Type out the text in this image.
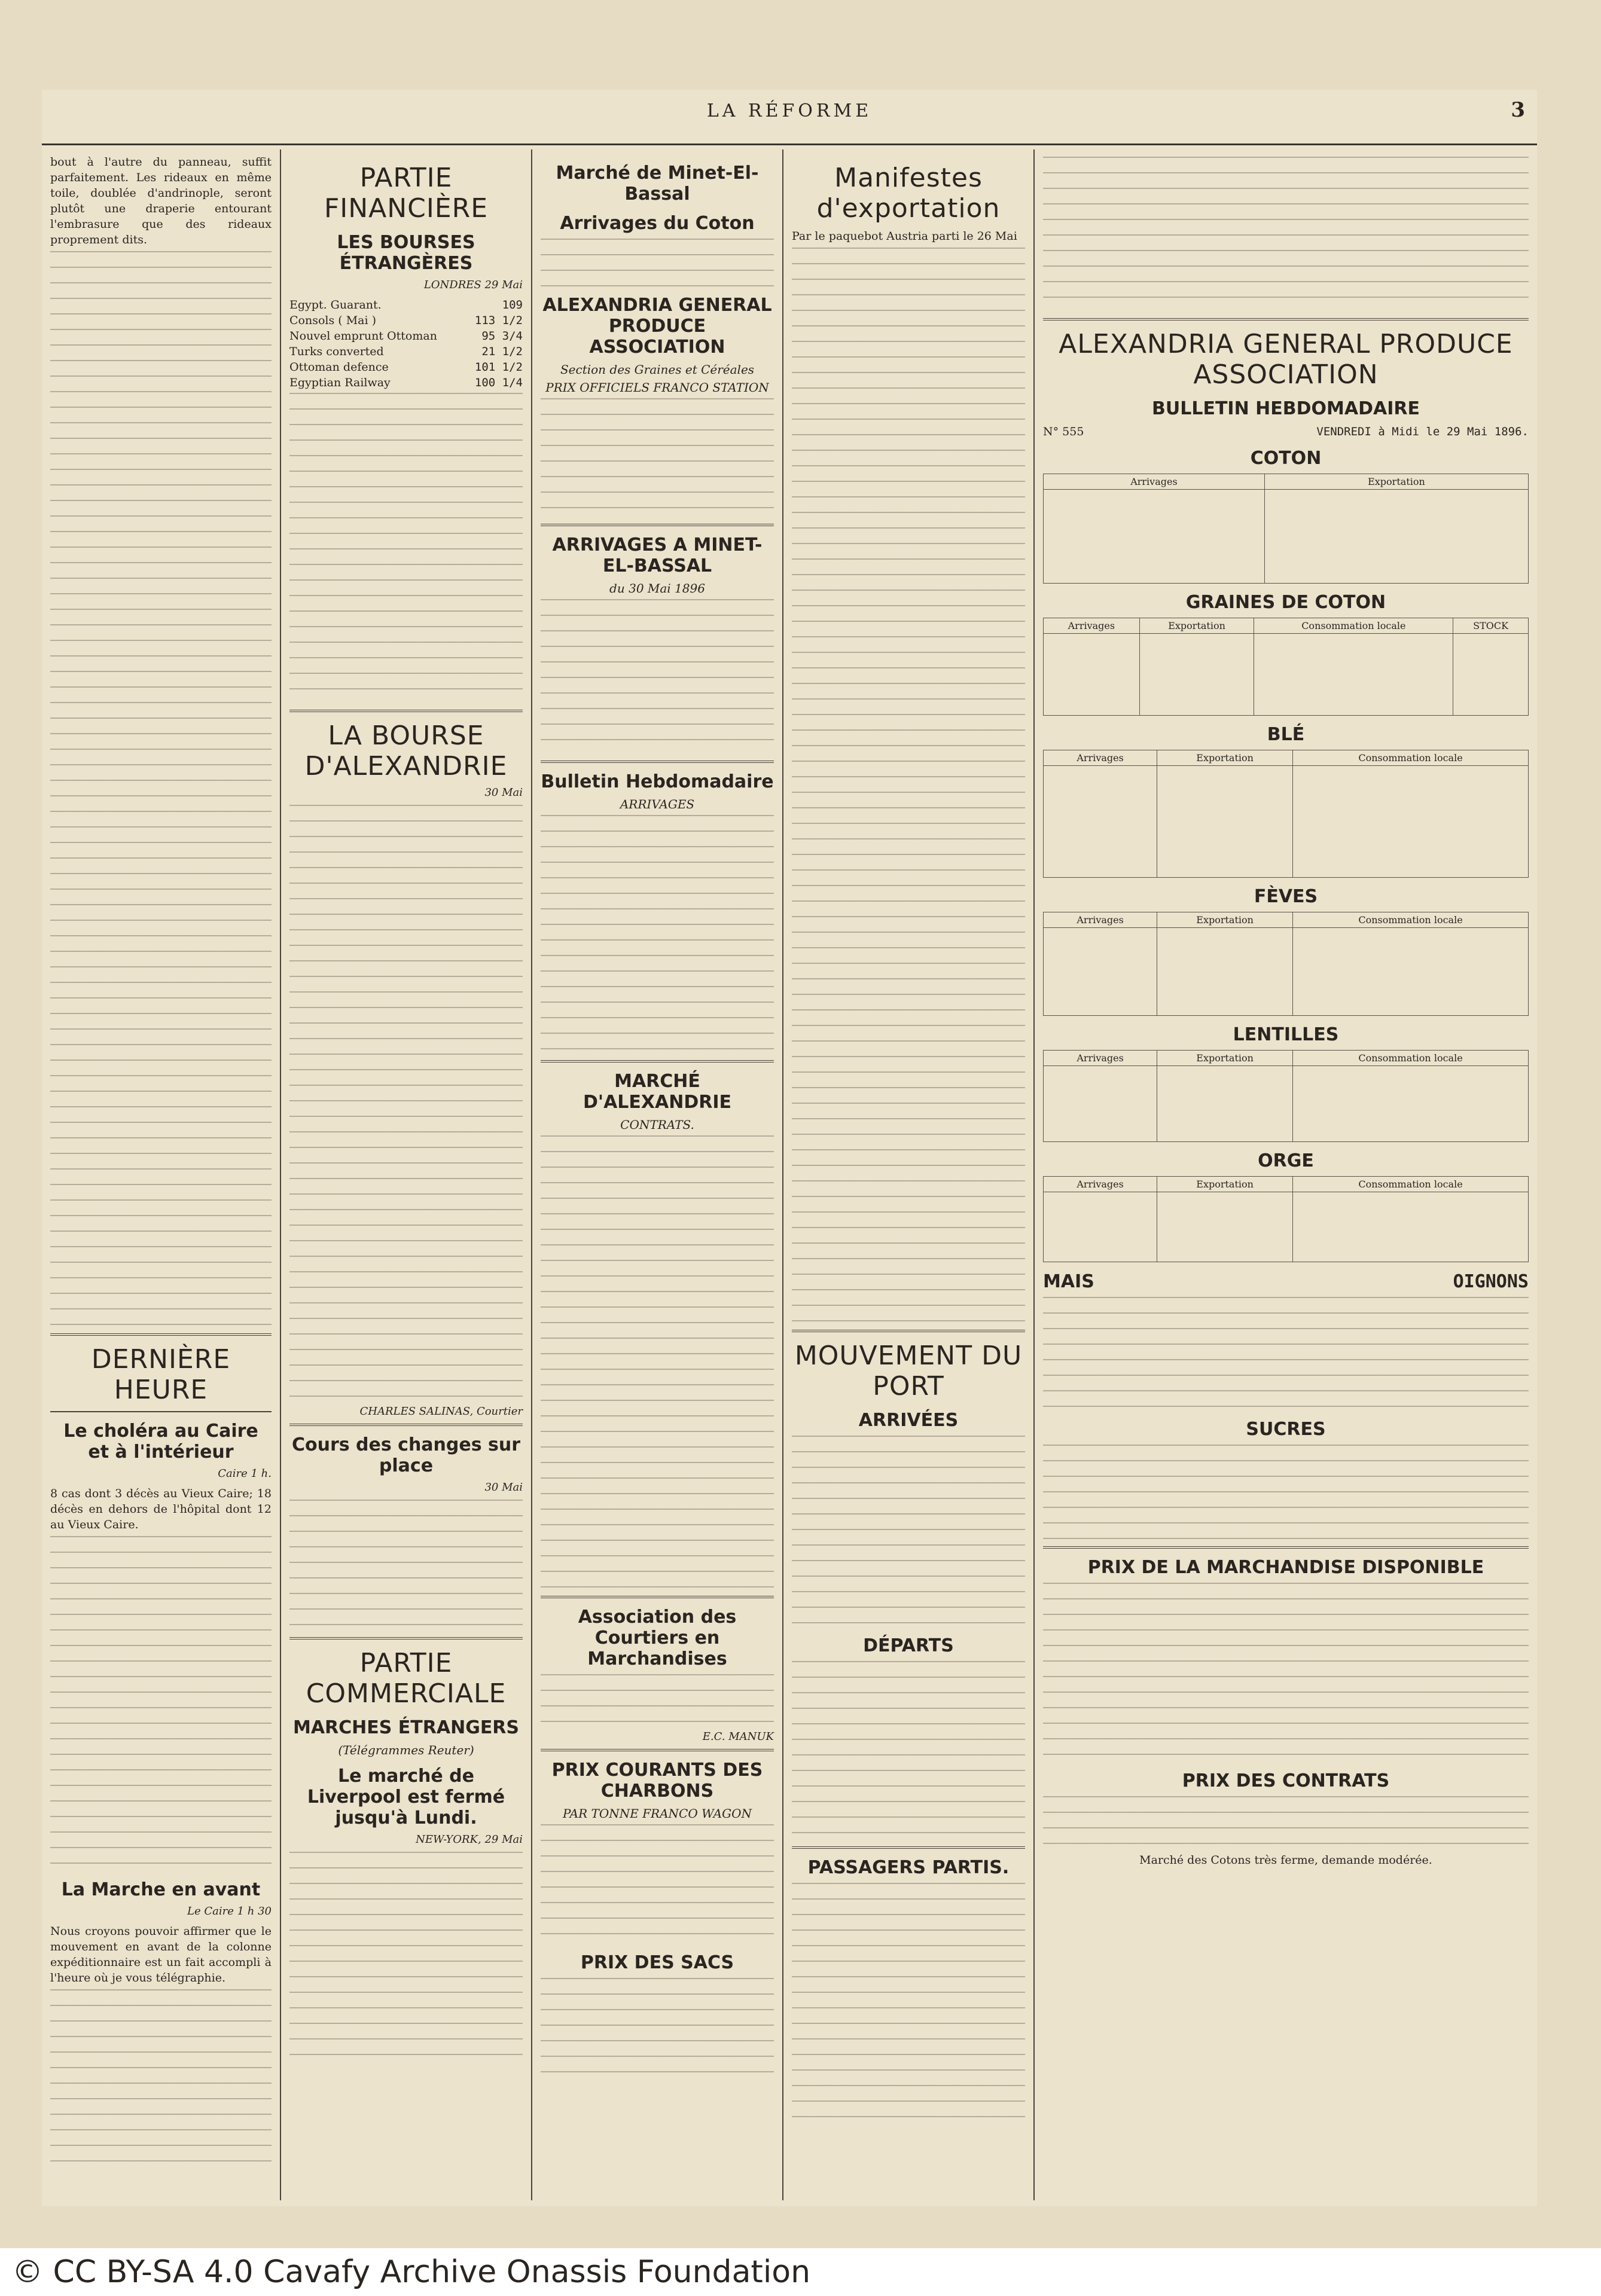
LA RÉFORME	3

bout à l'autre du panneau, suffit parfaitement. Les rideaux en même toile, doublée d'andrinople, seront plutôt une draperie entourant l'embrasure que des rideaux proprement dits.

DERNIÈRE HEURE
Le choléra au Caire et à l'intérieur
Caire 1 h.

8 cas dont 3 décès au Vieux Caire; 18 décès en dehors de l'hôpital dont 12 au Vieux Caire.

La Marche en avant
Le Caire 1 h 30

Nous croyons pouvoir affirmer que le mouvement en avant de la colonne expéditionnaire est un fait accompli à l'heure où je vous télégraphie.

PARTIE FINANCIÈRE
LES BOURSES ÉTRANGÈRES
LONDRES 29 Mai
Egypt. Guarant.	109
Consols ( Mai )	113 1/2
Nouvel emprunt Ottoman	95 3/4
Turks converted	21 1/2
Ottoman defence	101 1/2
Egyptian Railway	100 1/4
LA BOURSE D'ALEXANDRIE
30 Mai
CHARLES SALINAS, Courtier
Cours des changes sur place
30 Mai
PARTIE COMMERCIALE
MARCHES ÉTRANGERS
(Télégrammes Reuter)
Le marché de Liverpool est fermé jusqu'à Lundi.
NEW-YORK, 29 Mai
Marché de Minet-El-Bassal
Arrivages du Coton
ALEXANDRIA GENERAL PRODUCE ASSOCIATION
Section des Graines et Céréales
PRIX OFFICIELS FRANCO STATION
ARRIVAGES A MINET-EL-BASSAL
du 30 Mai 1896
Bulletin Hebdomadaire
ARRIVAGES
MARCHÉ D'ALEXANDRIE
CONTRATS.
Association des Courtiers en Marchandises
E.C. MANUK
PRIX COURANTS DES CHARBONS
PAR TONNE FRANCO WAGON
PRIX DES SACS
Manifestes d'exportation

Par le paquebot Austria parti le 26 Mai

MOUVEMENT DU PORT
ARRIVÉES
DÉPARTS
PASSAGERS PARTIS.
ALEXANDRIA GENERAL PRODUCE ASSOCIATION
BULLETIN HEBDOMADAIRE
N° 555	VENDREDI à Midi le 29 Mai 1896.
COTON
Arrivages	Exportation

GRAINES DE COTON
Arrivages	Exportation	Consommation locale	STOCK

BLÉ
Arrivages	Exportation	Consommation locale

FÈVES
Arrivages	Exportation	Consommation locale

LENTILLES
Arrivages	Exportation	Consommation locale

ORGE
Arrivages	Exportation	Consommation locale

MAIS	OIGNONS
SUCRES
PRIX DE LA MARCHANDISE DISPONIBLE
PRIX DES CONTRATS

Marché des Cotons très ferme, demande modérée.

© CC BY-SA 4.0 Cavafy Archive Onassis Foundation
